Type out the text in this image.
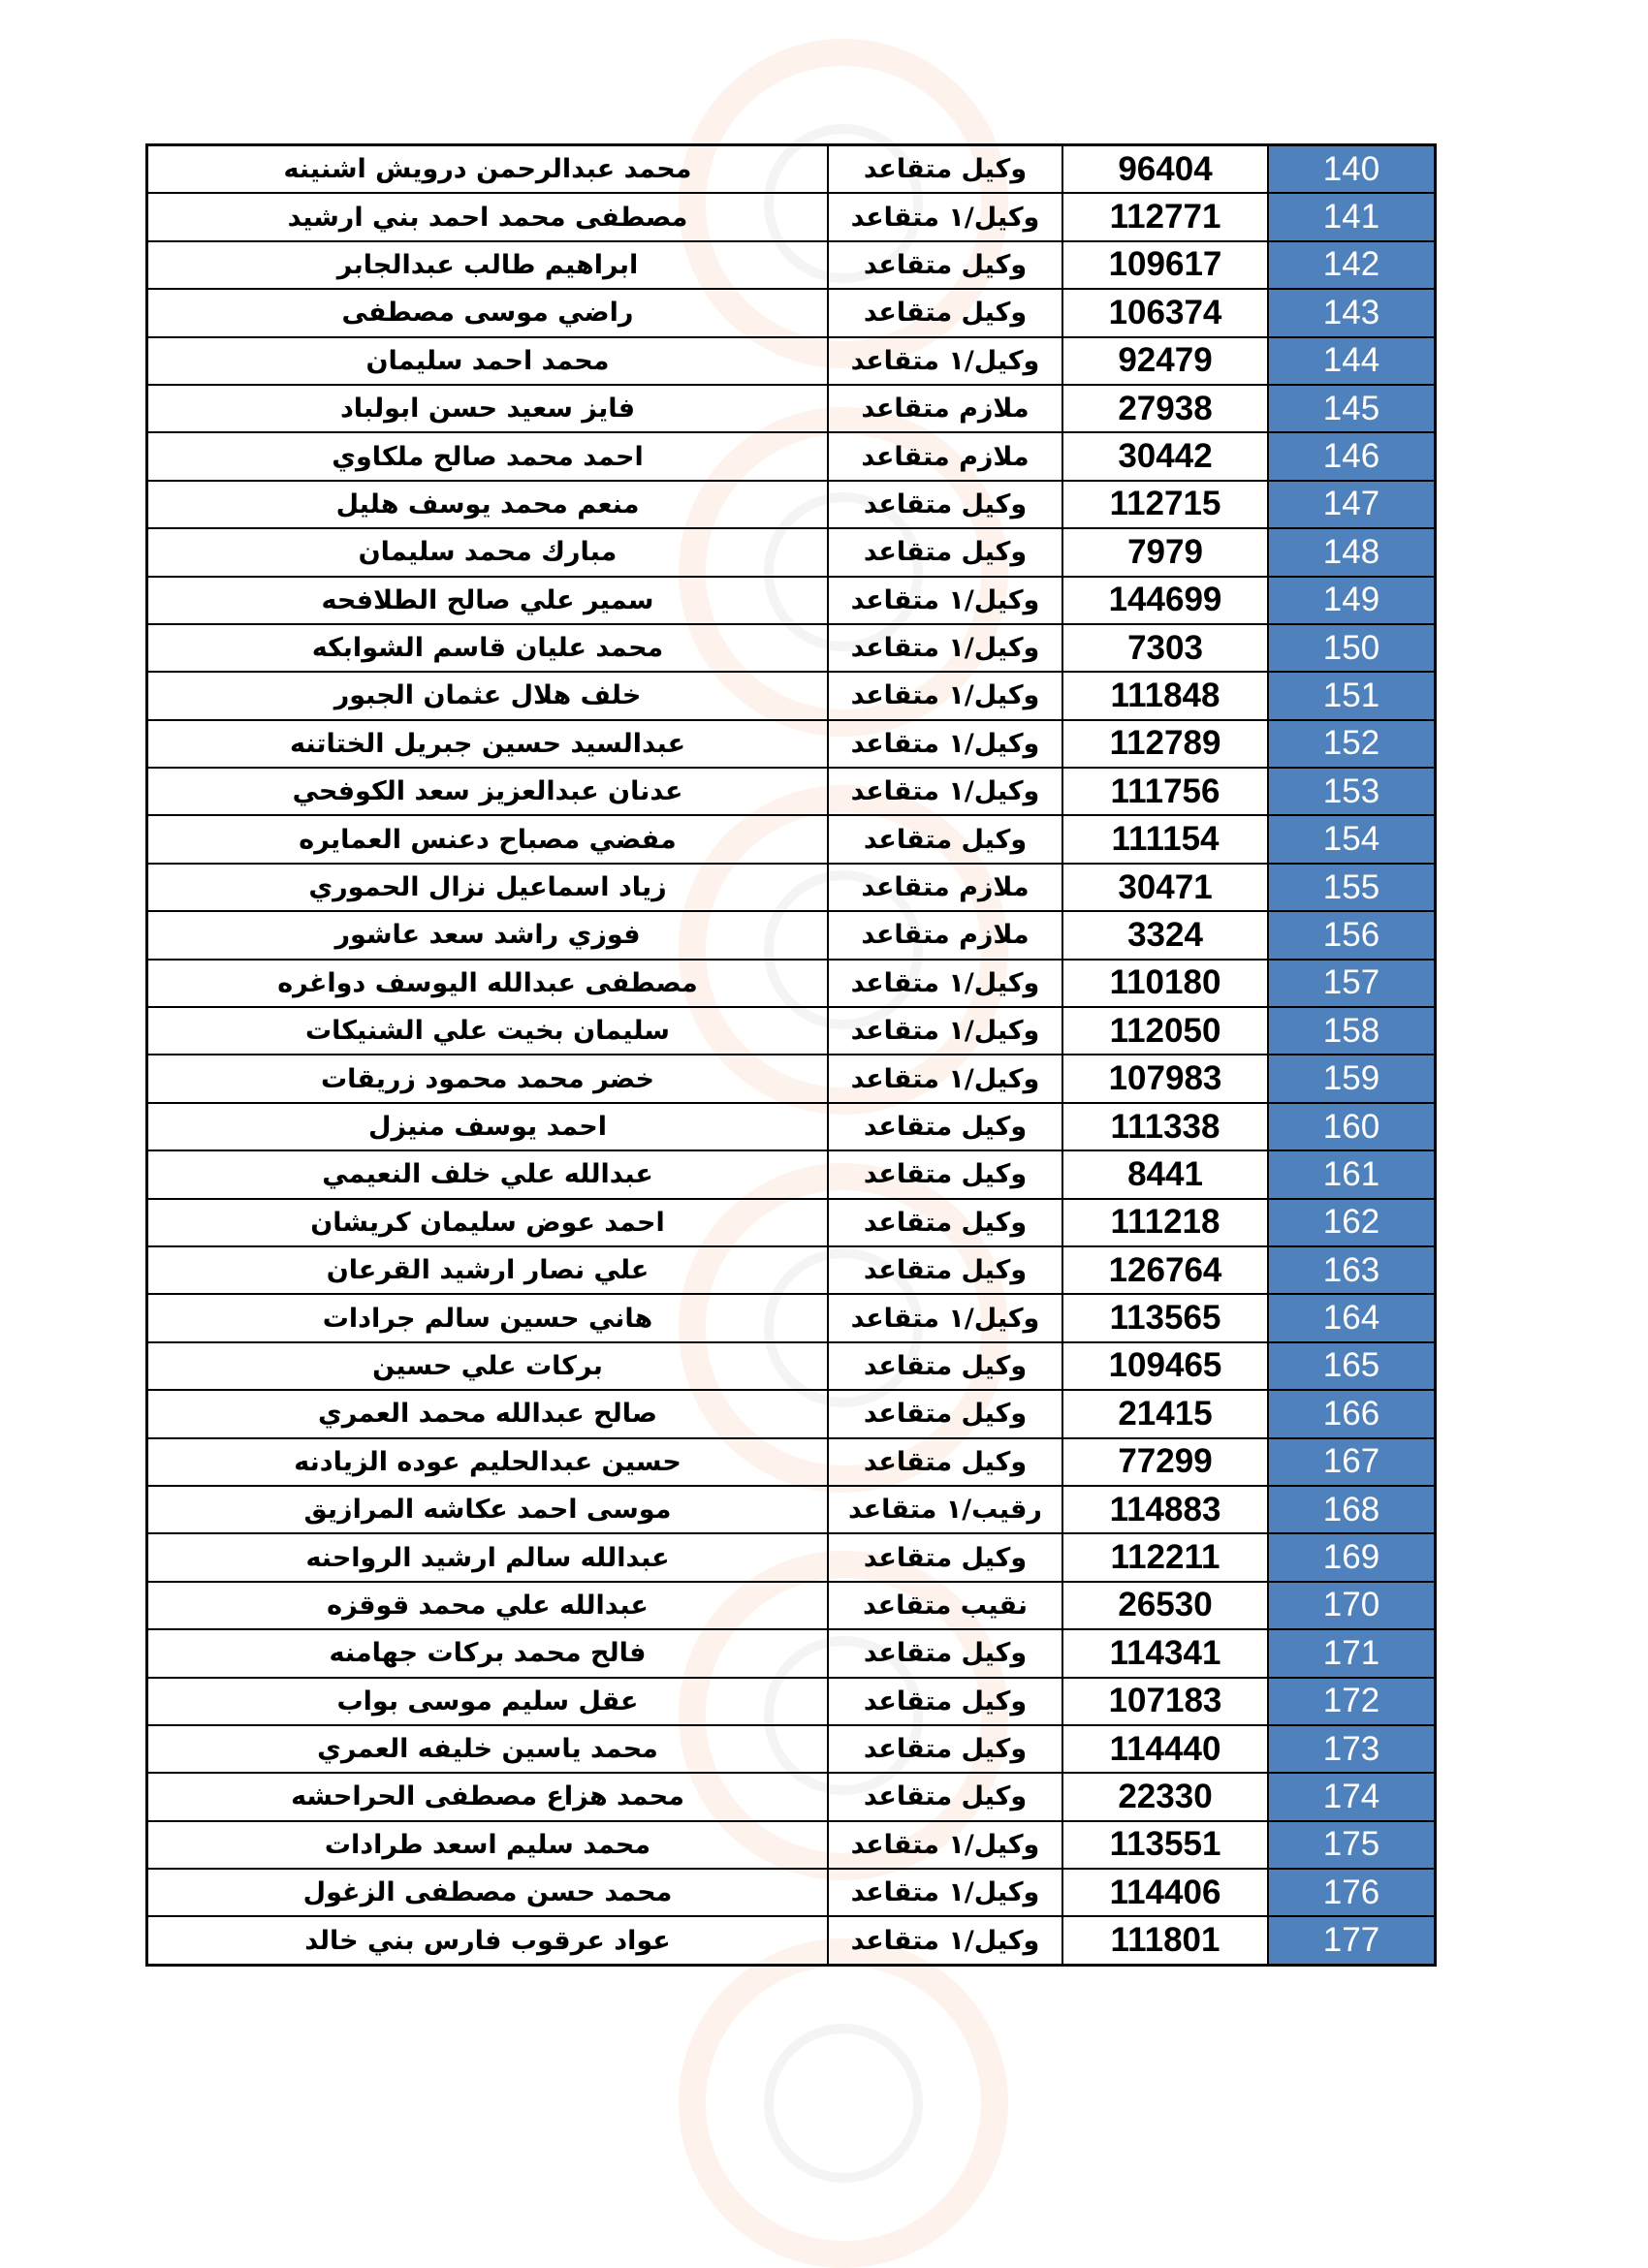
محمد عبدالرحمن درويش اشنينه	وكيل متقاعد	96404	140
مصطفى محمد احمد بني ارشيد	وكيل/١ متقاعد	112771	141
ابراهيم طالب عبدالجابر	وكيل متقاعد	109617	142
راضي موسى مصطفى	وكيل متقاعد	106374	143
محمد احمد سليمان	وكيل/١ متقاعد	92479	144
فايز سعيد حسن ابولباد	ملازم متقاعد	27938	145
احمد محمد صالح ملكاوي	ملازم متقاعد	30442	146
منعم محمد يوسف هليل	وكيل متقاعد	112715	147
مبارك محمد سليمان	وكيل متقاعد	7979	148
سمير علي صالح الطلافحه	وكيل/١ متقاعد	144699	149
محمد عليان قاسم الشوابكه	وكيل/١ متقاعد	7303	150
خلف هلال عثمان الجبور	وكيل/١ متقاعد	111848	151
عبدالسيد حسين جبريل الختاتنه	وكيل/١ متقاعد	112789	152
عدنان عبدالعزيز سعد الكوفحي	وكيل/١ متقاعد	111756	153
مفضي مصباح دعنس العمايره	وكيل متقاعد	111154	154
زياد اسماعيل نزال الحموري	ملازم متقاعد	30471	155
فوزي راشد سعد عاشور	ملازم متقاعد	3324	156
مصطفى عبدالله اليوسف دواغره	وكيل/١ متقاعد	110180	157
سليمان بخيت علي الشنيكات	وكيل/١ متقاعد	112050	158
خضر محمد محمود زريقات	وكيل/١ متقاعد	107983	159
احمد يوسف منيزل	وكيل متقاعد	111338	160
عبدالله علي خلف النعيمي	وكيل متقاعد	8441	161
احمد عوض سليمان كريشان	وكيل متقاعد	111218	162
علي نصار ارشيد القرعان	وكيل متقاعد	126764	163
هاني حسين سالم جرادات	وكيل/١ متقاعد	113565	164
بركات علي حسين	وكيل متقاعد	109465	165
صالح عبدالله محمد العمري	وكيل متقاعد	21415	166
حسين عبدالحليم عوده الزيادنه	وكيل متقاعد	77299	167
موسى احمد عكاشه المرازيق	رقيب/١ متقاعد	114883	168
عبدالله سالم ارشيد الرواحنه	وكيل متقاعد	112211	169
عبدالله علي محمد قوقزه	نقيب متقاعد	26530	170
فالح محمد بركات جهامنه	وكيل متقاعد	114341	171
عقل سليم موسى بواب	وكيل متقاعد	107183	172
محمد ياسين خليفه العمري	وكيل متقاعد	114440	173
محمد هزاع مصطفى الحراحشه	وكيل متقاعد	22330	174
محمد سليم اسعد طرادات	وكيل/١ متقاعد	113551	175
محمد حسن مصطفى الزغول	وكيل/١ متقاعد	114406	176
عواد عرقوب فارس بني خالد	وكيل/١ متقاعد	111801	177
